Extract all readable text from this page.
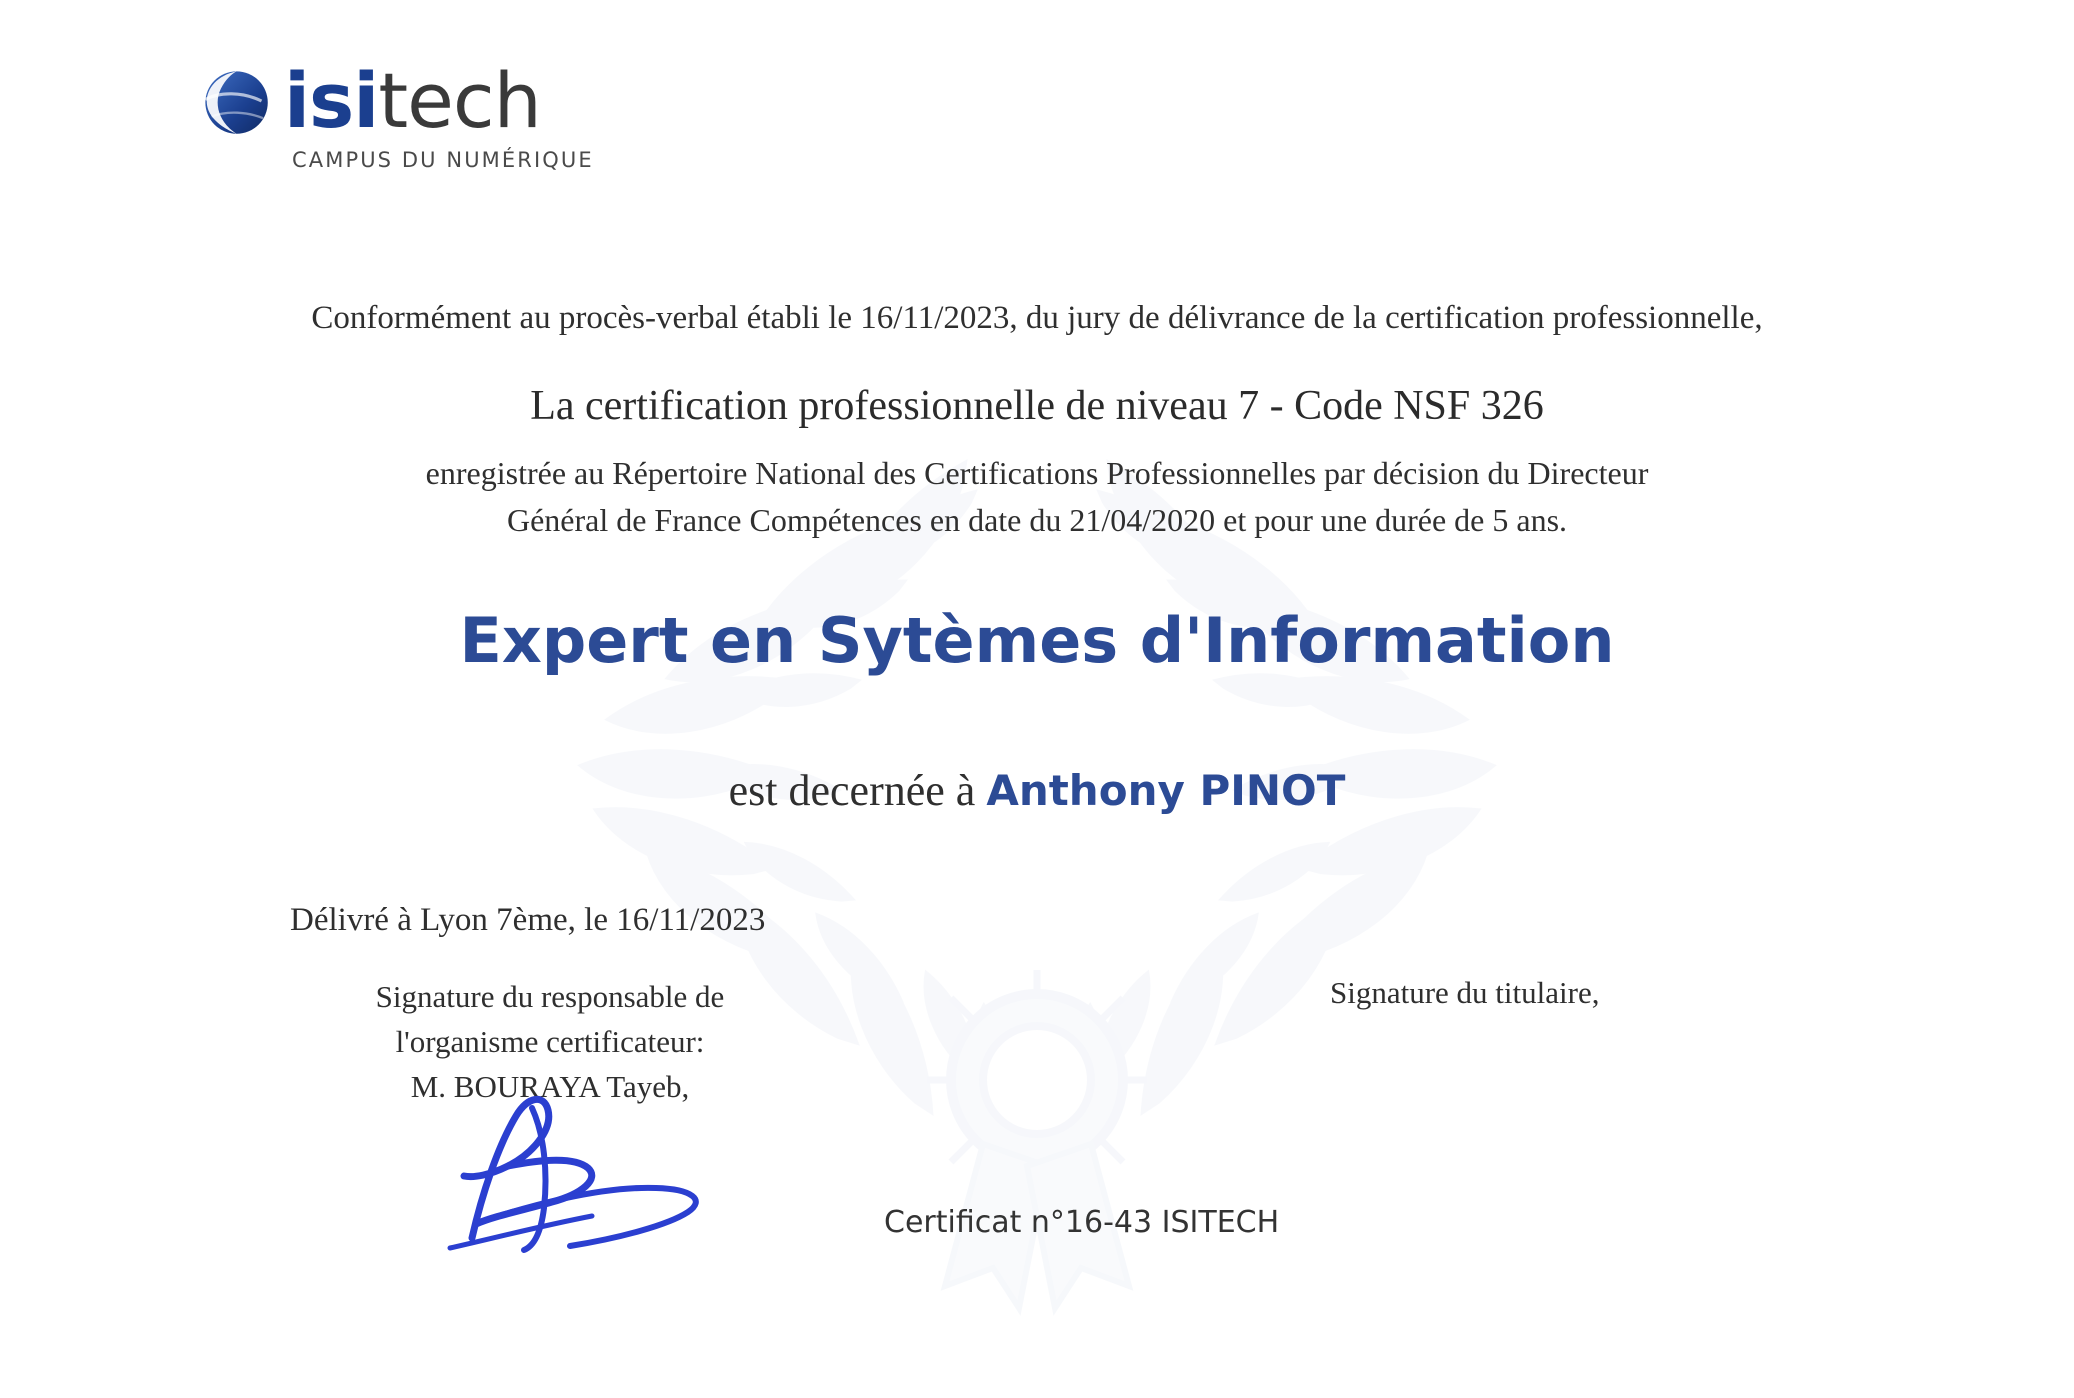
isitech
CAMPUS DU NUMÉRIQUE
Conformément au procès-verbal établi le 16/11/2023, du jury de délivrance de la certification professionnelle,
La certification professionnelle de niveau 7 - Code NSF 326
enregistrée au Répertoire National des Certifications Professionnelles par décision du Directeur
Général de France Compétences en date du 21/04/2020 et pour une durée de 5 ans.
Expert en Sytèmes d'Information
est decernée à Anthony PINOT
Délivré à Lyon 7ème, le 16/11/2023
Signature du responsable de
l'organisme certificateur:
M. BOURAYA Tayeb,
Signature du titulaire,
Certificat n°16-43 ISITECH
